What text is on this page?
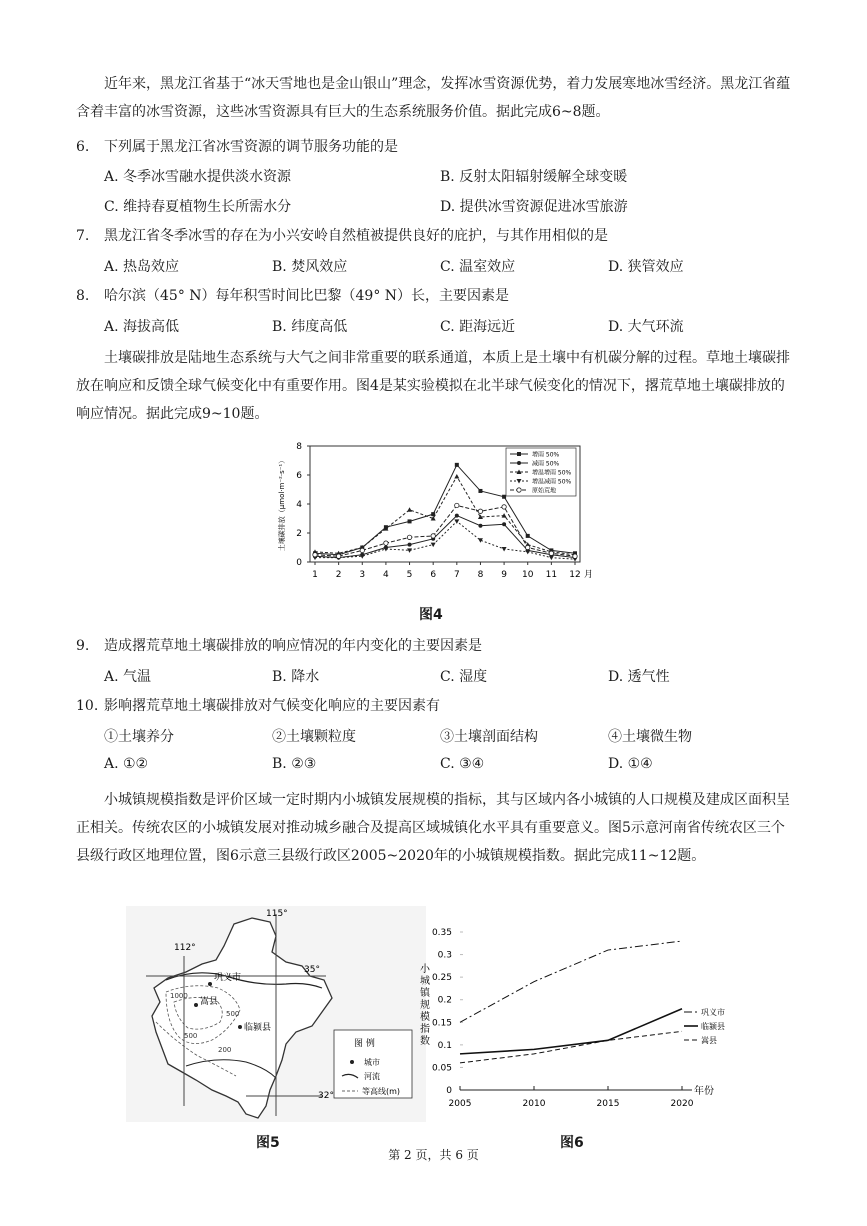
近年来，黑龙江省基于“冰天雪地也是金山银山”理念，发挥冰雪资源优势，着力发展寒地冰雪经济。黑龙江省蕴含着丰富的冰雪资源，这些冰雪资源具有巨大的生态系统服务价值。据此完成6~8题。
6. 下列属于黑龙江省冰雪资源的调节服务功能的是
A. 冬季冰雪融水提供淡水资源	B. 反射太阳辐射缓解全球变暖
C. 维持春夏植物生长所需水分	D. 提供冰雪资源促进冰雪旅游
7. 黑龙江省冬季冰雪的存在为小兴安岭自然植被提供良好的庇护，与其作用相似的是
A. 热岛效应	B. 焚风效应	C. 温室效应	D. 狭管效应
8. 哈尔滨（45° N）每年积雪时间比巴黎（49° N）长，主要因素是
A. 海拔高低	B. 纬度高低	C. 距海远近	D. 大气环流
土壤碳排放是陆地生态系统与大气之间非常重要的联系通道，本质上是土壤中有机碳分解的过程。草地土壤碳排放在响应和反馈全球气候变化中有重要作用。图4是某实验模拟在北半球气候变化的情况下，撂荒草地土壤碳排放的响应情况。据此完成9~10题。
0
2
4
6
8
1 2 3 4 5 6 7 8 9 10 11 12 月
土壤碳排放（μmol·m⁻²·s⁻¹）
增雨 50%
减雨 50%
增温增雨 50%
增温减雨 50%
原始荒地
图4
9. 造成撂荒草地土壤碳排放的响应情况的年内变化的主要因素是
A. 气温	B. 降水	C. 湿度	D. 透气性
10. 影响撂荒草地土壤碳排放对气候变化响应的主要因素有
①土壤养分	②土壤颗粒度	③土壤剖面结构	④土壤微生物
A. ①②	B. ②③	C. ③④	D. ①④
小城镇规模指数是评价区域一定时期内小城镇发展规模的指标，其与区域内各小城镇的人口规模及建成区面积呈正相关。传统农区的小城镇发展对推动城乡融合及提高区域城镇化水平具有重要意义。图5示意河南省传统农区三个县级行政区地理位置，图6示意三县级行政区2005~2020年的小城镇规模指数。据此完成11~12题。
115°
112°
35°
32°
巩义市
嵩县
临颍县
1000
500
200
500
图 例
城市
河流
等高线(m)
图5
0
0.05
0.1
0.15
0.2
0.25
0.3
0.35
2005	2010	2015	2020
年份
小城镇规模指数
巩义市
临颍县
嵩县
图6
第 2 页，共 6 页
